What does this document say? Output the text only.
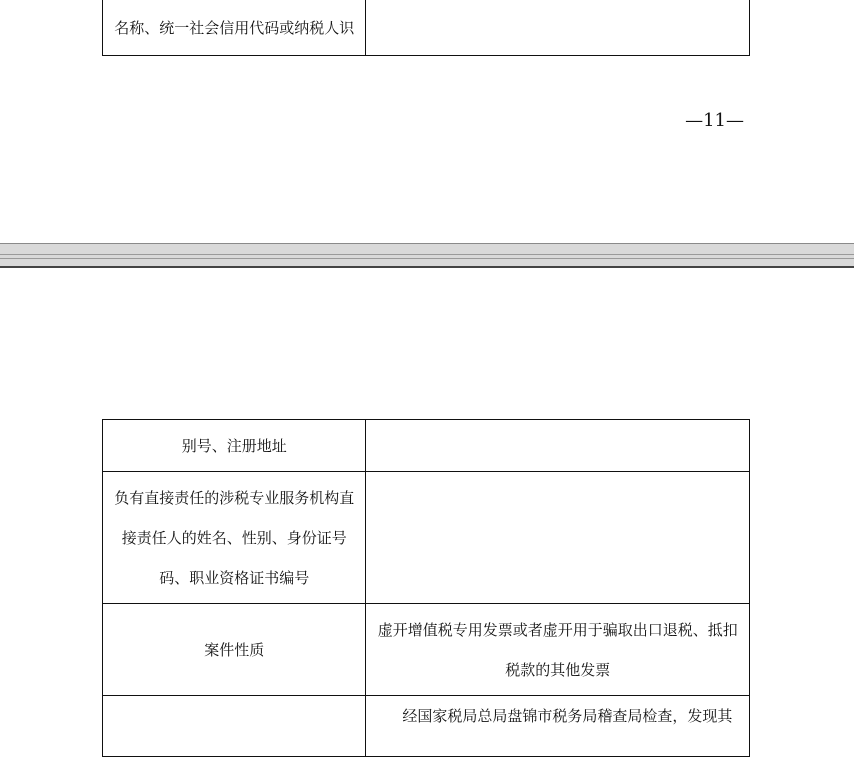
名称、统一社会信用代码或纳税人识	
—11—
别号、注册地址	
负有直接责任的涉税专业服务机构直接责任人的姓名、性别、身份证号码、职业资格证书编号	
案件性质	虚开增值税专用发票或者虚开用于骗取出口退税、抵扣税款的其他发票
	经国家税局总局盘锦市税务局稽查局检查，发现其
